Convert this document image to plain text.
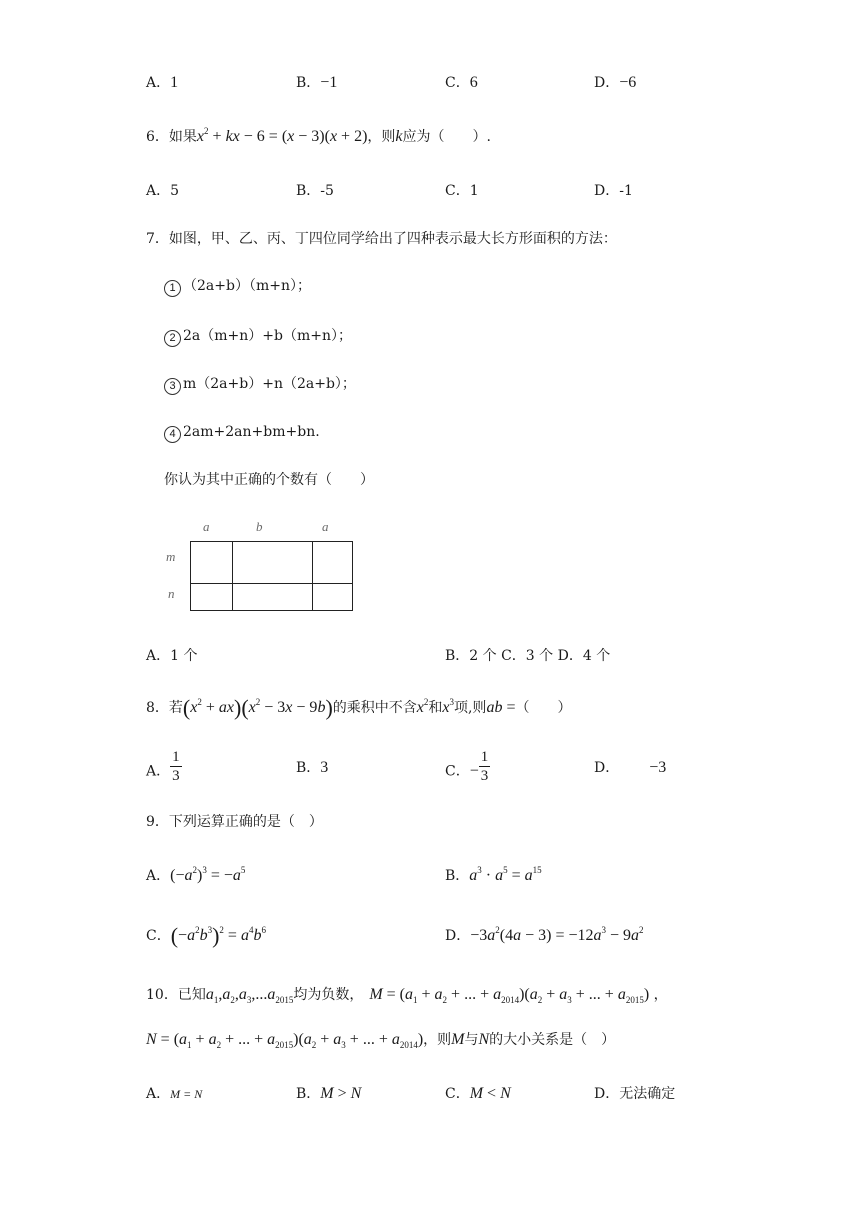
A．1	B．−1	C．6	D．−6
6．如果$x^2$ + kx − 6 = (x − 3)(x + 2)，则k应为（　　）.
A．5	B．-5	C．1	D．-1
7．如图，甲、乙、丙、丁四位同学给出了四种表示最大长方形面积的方法：
1 （2a+b）（m+n）；
2 2a（m+n）+b（m+n）；
3 m（2a+b）+n（2a+b）；
4 2am+2an+bm+bn.
你认为其中正确的个数有（　　）
a	b	a
m
n
A．1 个	B．2 个 C．3 个 D．4 个
8．若$(x^2 + ax)(x^2 - 3x - 9b)$的乘积中不含$x^2$和$x^3$项,则ab =（　　）
A． $\frac{1}{3}$	B．3	C．− $\frac{1}{3}$	D． −3
9．下列运算正确的是（　）
A．$(-a^2)^3 = -a^5$	B．$a^3 \cdot a^5 = a^{15}$
C．$(-a^2b^3)^2 = a^4b^6$	D．$-3a^2(4a - 3) = -12a^3 - 9a^2$
10．已知$a_1,a_2,a_3,...a_{2015}$均为负数， $M = (a_1 + a_2$ + ... + $a_{2014})(a_2 + a_3$ + ... + $a_{2015}$) ，
$N = (a_1 + a_2$ + ... + $a_{2015})(a_2 + a_3$ + ... + $a_{2014}$)，则M与N的大小关系是（　）
A．M = N	B．M > N	C．M < N	D．无法确定
